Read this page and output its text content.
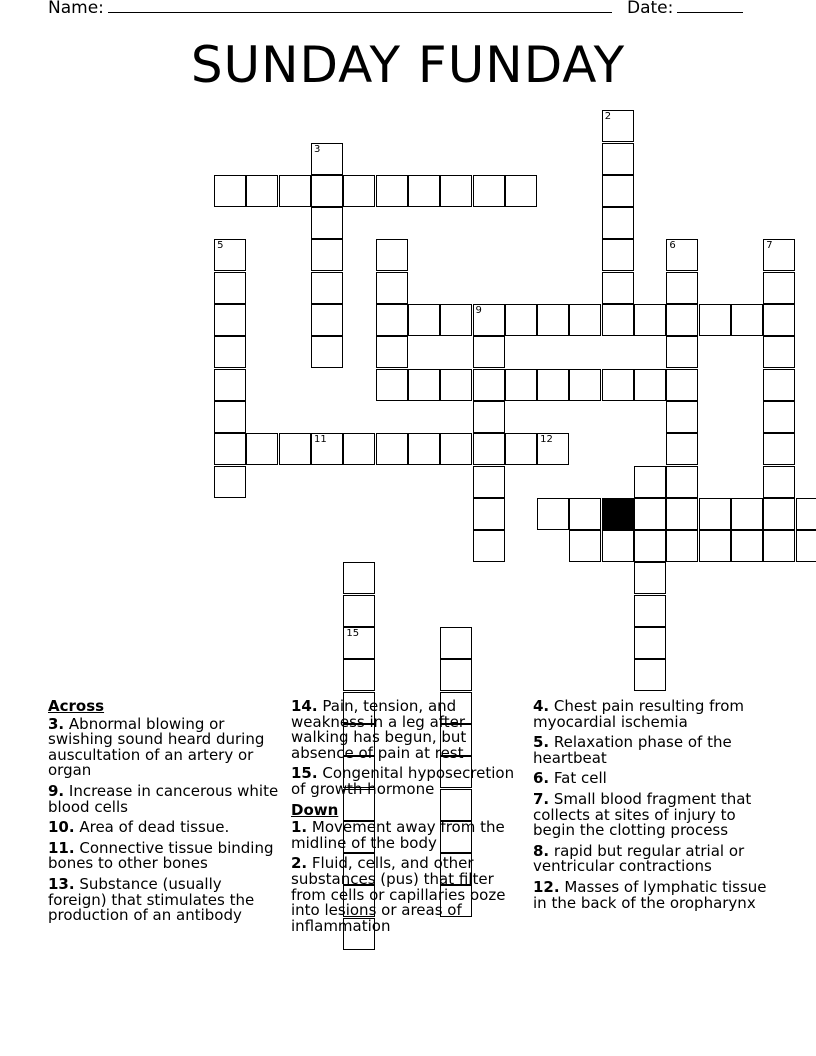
Name:	Date:
SUNDAY FUNDAY
3
5
9
2
6	7
11	12
15
Across
3. Abnormal blowing or swishing sound heard during auscultation of an artery or organ
9. Increase in cancerous white blood cells
10. Area of dead tissue.
11. Connective tissue binding bones to other bones
13. Substance (usually foreign) that stimulates the production of an antibody
14. Pain, tension, and weakness in a leg after walking has begun, but absence of pain at rest
15. Congenital hyposecretion of growth hormone
Down
1. Movement away from the midline of the body
2. Fluid, cells, and other substances (pus) that filter from cells or capillaries ooze into lesions or areas of inflammation
4. Chest pain resulting from myocardial ischemia
5. Relaxation phase of the heartbeat
6. Fat cell
7. Small blood fragment that collects at sites of injury to begin the clotting process
8. rapid but regular atrial or ventricular contractions
12. Masses of lymphatic tissue in the back of the oropharynx
